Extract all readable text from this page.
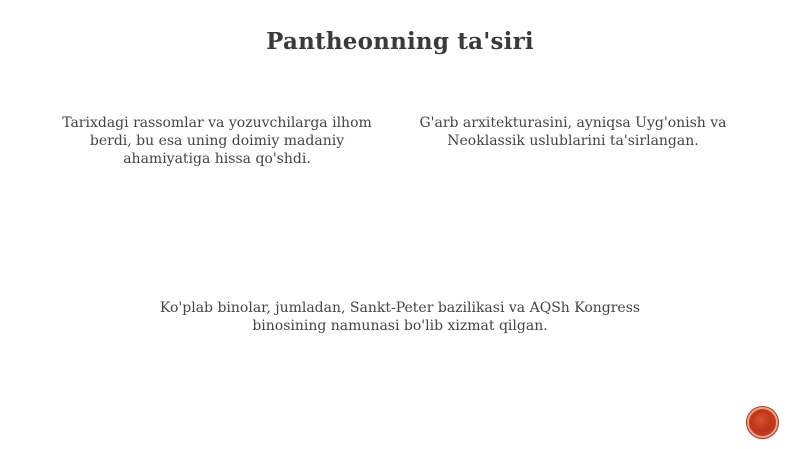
Pantheonning ta'siri
Tarixdagi rassomlar va yozuvchilarga ilhom berdi, bu esa uning doimiy madaniy ahamiyatiga hissa qo'shdi.
G'arb arxitekturasini, ayniqsa Uyg'onish va Neoklassik uslublarini ta'sirlangan.
Ko'plab binolar, jumladan, Sankt-Peter bazilikasi va AQSh Kongress binosining namunasi bo'lib xizmat qilgan.
